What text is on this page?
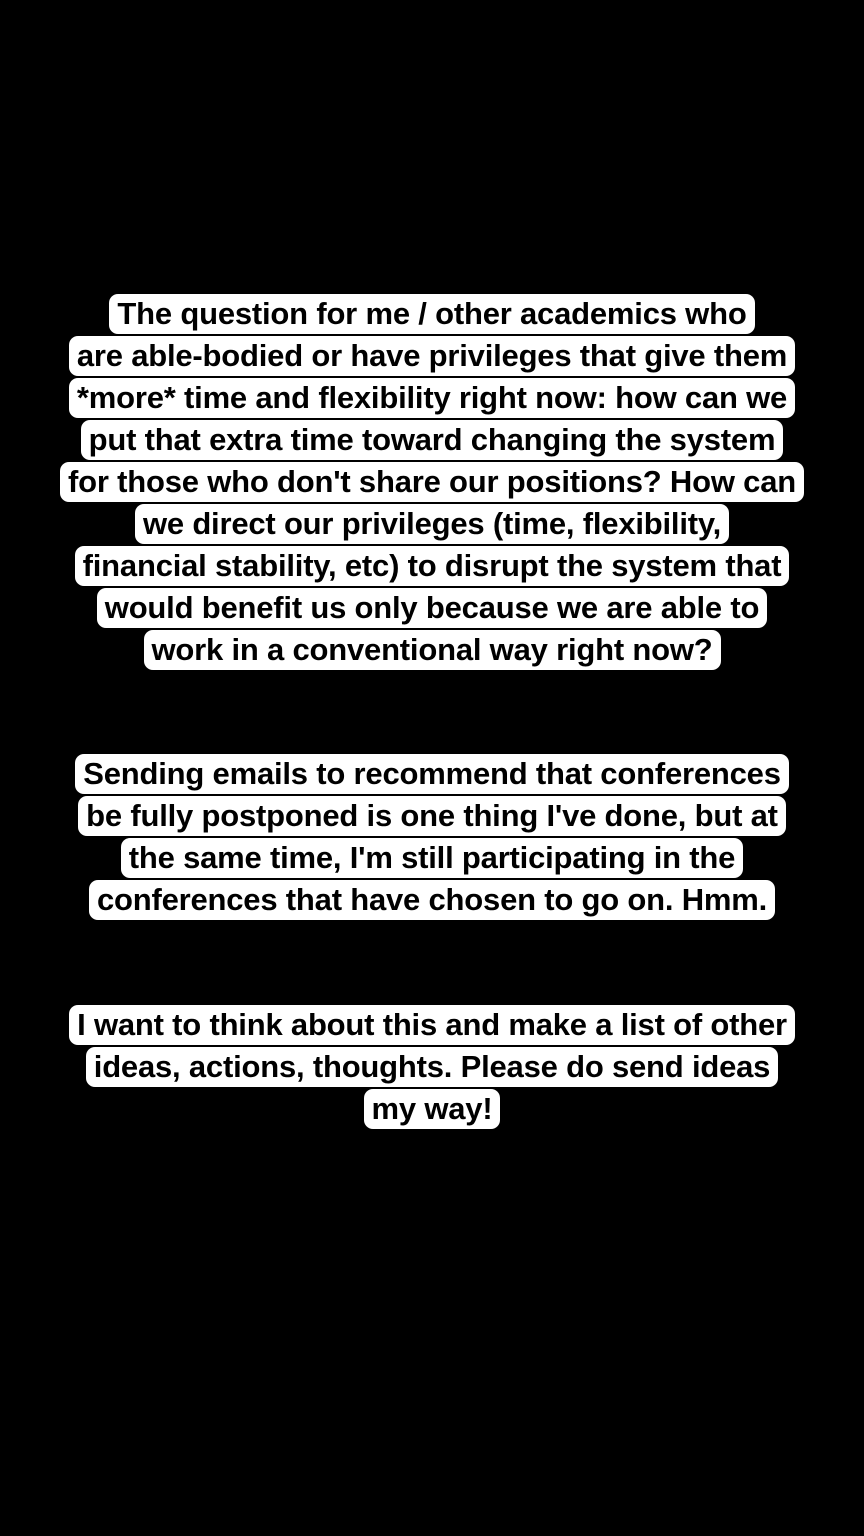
The question for me / other academics who
are able-bodied or have privileges that give them
*more* time and flexibility right now: how can we
put that extra time toward changing the system
for those who don't share our positions? How can
we direct our privileges (time, flexibility,
financial stability, etc) to disrupt the system that
would benefit us only because we are able to
work in a conventional way right now?
Sending emails to recommend that conferences
be fully postponed is one thing I've done, but at
the same time, I'm still participating in the
conferences that have chosen to go on. Hmm.
I want to think about this and make a list of other
ideas, actions, thoughts. Please do send ideas
my way!
